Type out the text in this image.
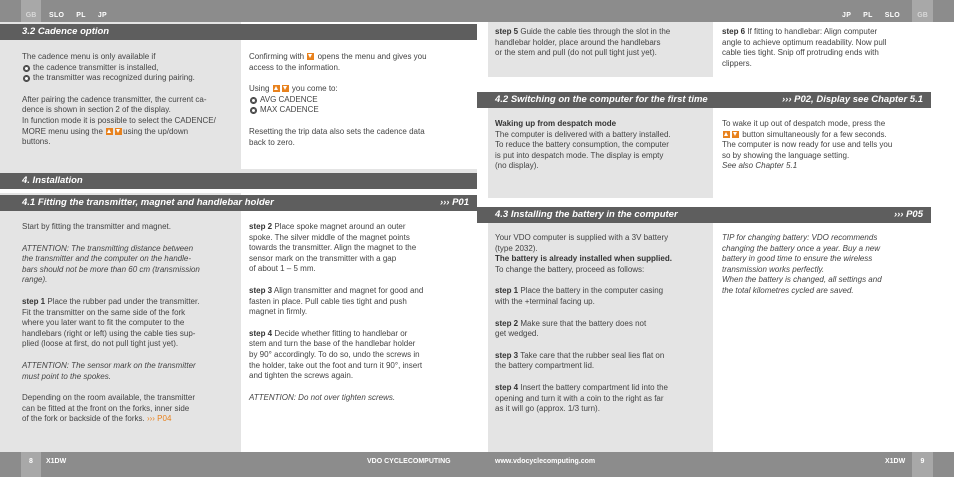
GB	SLO PL JP	JP PL SLO	GB
3.2 Cadence option
4. Installation
4.1 Fitting the transmitter, magnet and handlebar holder	››› P01
4.2 Switching on the computer for the first time	››› P02, Display see Chapter 5.1
4.3 Installing the battery in the computer	››› P05

The cadence menu is only available if

the cadence transmitter is installed,
the transmitter was recognized during pairing.
After pairing the cadence transmitter, the current ca-
dence is shown in section 2 of the display.
In function mode it is possible to select the CADENCE/
MORE menu using the	using the up/down
buttons.
Confirming with opens the menu and gives you
access to the information.
Using	you come to:
AVG CADENCE
MAX CADENCE
Resetting the trip data also sets the cadence data
back to zero.
Start by fitting the transmitter and magnet.
ATTENTION: The transmitting distance between
the transmitter and the computer on the handle-
bars should not be more than 60 cm (transmission
range).
step 1 Place the rubber pad under the transmitter.
Fit the transmitter on the same side of the fork
where you later want to fit the computer to the
handlebars (right or left) using the cable ties sup-
plied (loose at first, do not pull tight just yet).
ATTENTION: The sensor mark on the transmitter
must point to the spokes.
Depending on the room available, the transmitter
can be fitted at the front on the forks, inner side
of the fork or backside of the forks. ››› P04
step 2 Place spoke magnet around an outer
spoke. The silver middle of the magnet points
towards the transmitter. Align the magnet to the
sensor mark on the transmitter with a gap
of about 1 – 5 mm.
step 3 Align transmitter and magnet for good and
fasten in place. Pull cable ties tight and push
magnet in firmly.
step 4 Decide whether fitting to handlebar or
stem and turn the base of the handlebar holder
by 90° accordingly. To do so, undo the screws in
the holder, take out the foot and turn it 90°, insert
and tighten the screws again.
ATTENTION: Do not over tighten screws.
step 5 Guide the cable ties through the slot in the
handlebar holder, place around the handlebars
or the stem and pull (do not pull tight just yet).
step 6 If fitting to handlebar: Align computer
angle to achieve optimum readability. Now pull
cable ties tight. Snip off protruding ends with
clippers.
Waking up from despatch mode
The computer is delivered with a battery installed.
To reduce the battery consumption, the computer
is put into despatch mode. The display is empty
(no display).
To wake it up out of despatch mode, press the
button simultaneously for a few seconds.
The computer is now ready for use and tells you
so by showing the language setting.
See also Chapter 5.1
Your VDO computer is supplied with a 3V battery
(type 2032).
The battery is already installed when supplied.
To change the battery, proceed as follows:
step 1 Place the battery in the computer casing
with the +terminal facing up.
step 2 Make sure that the battery does not
get wedged.
step 3 Take care that the rubber seal lies flat on
the battery compartment lid.
step 4 Insert the battery compartment lid into the
opening and turn it with a coin to the right as far
as it will go (approx. 1/3 turn).
TIP for changing battery: VDO recommends
changing the battery once a year. Buy a new
battery in good time to ensure the wireless
transmission works perfectly.
When the battery is changed, all settings and
the total kilometres cycled are saved.
8	X1DW	VDO CYCLECOMPUTING	www.vdocyclecomputing.com	X1DW	9
